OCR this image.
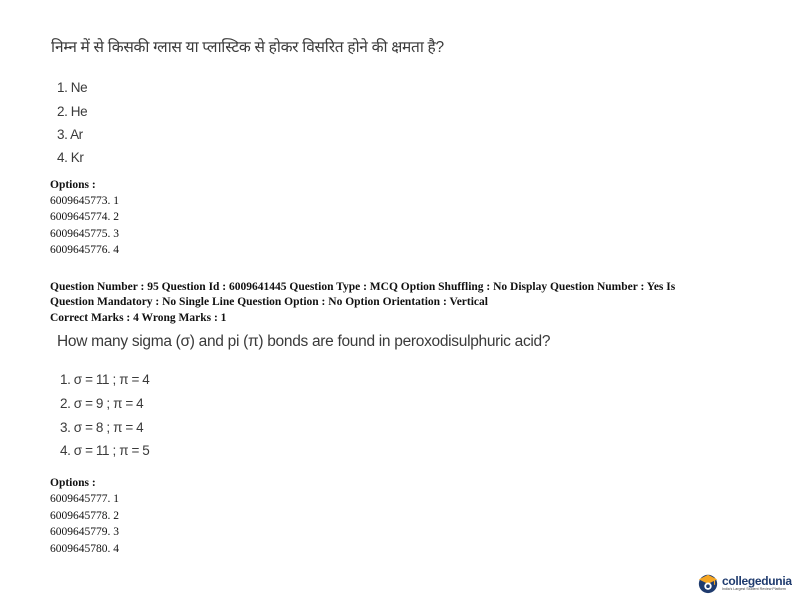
निम्न में से किसकी ग्लास या प्लास्टिक से होकर विसरित होने की क्षमता है?
1. Ne
2. He
3. Ar
4. Kr
Options :
6009645773. 1
6009645774. 2
6009645775. 3
6009645776. 4
Question Number : 95 Question Id : 6009641445 Question Type : MCQ Option Shuffling : No Display Question Number : Yes Is
Question Mandatory : No Single Line Question Option : No Option Orientation : Vertical
Correct Marks : 4 Wrong Marks : 1
How many sigma (σ) and pi (π) bonds are found in peroxodisulphuric acid?
1. σ = 11 ; π = 4
2. σ = 9 ; π = 4
3. σ = 8 ; π = 4
4. σ = 11 ; π = 5
Options :
6009645777. 1
6009645778. 2
6009645779. 3
6009645780. 4
collegedunia
India's Largest Student Review Platform
